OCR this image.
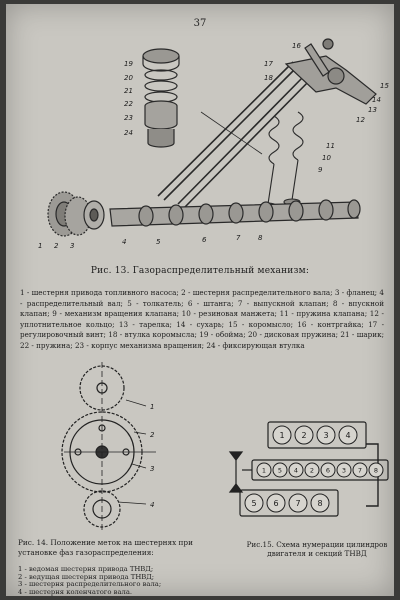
37
19
20
21
22
23
24
16
17
18
15
14
13
12
11
10
9
1 2 3	4	5	6	7	8
Рис. 13. Газораспределительный механизм:
1 - шестерня привода топливного насоса; 2 - шестерня распределительного вала; 3 - фланец; 4 - распределительный вал; 5 - толкатель; 6 - штанга; 7 - выпускной клапан; 8 - впускной клапан; 9 - механизм вращения клапана; 10 - резиновая манжета; 11 - пружина клапана; 12 - уплотнительное кольцо; 13 - тарелка; 14 - сухарь; 15 - коромысло; 16 - контргайка; 17 - регулировочный винт; 18 - втулка коромысла; 19 - обойма; 20 - дисковая пружина; 21 - шарик; 22 - пружина; 23 - корпус механизма вращения; 24 - фиксирующая втулка
1
2
3
4
1 2 3 4
1 5 4 2 6 3 7 8
5 6 7 8
Рис. 14. Положение меток на шестернях при установке фаз газораспределения:
1 - ведомая шестерня привода ТНВД;
2 - ведущая шестерня привода ТНВД;
3 - шестерня распределительного вала;
4 - шестерня коленчатого вала.
Рис.15. Схема нумерации цилиндров двигателя и секций ТНВД
